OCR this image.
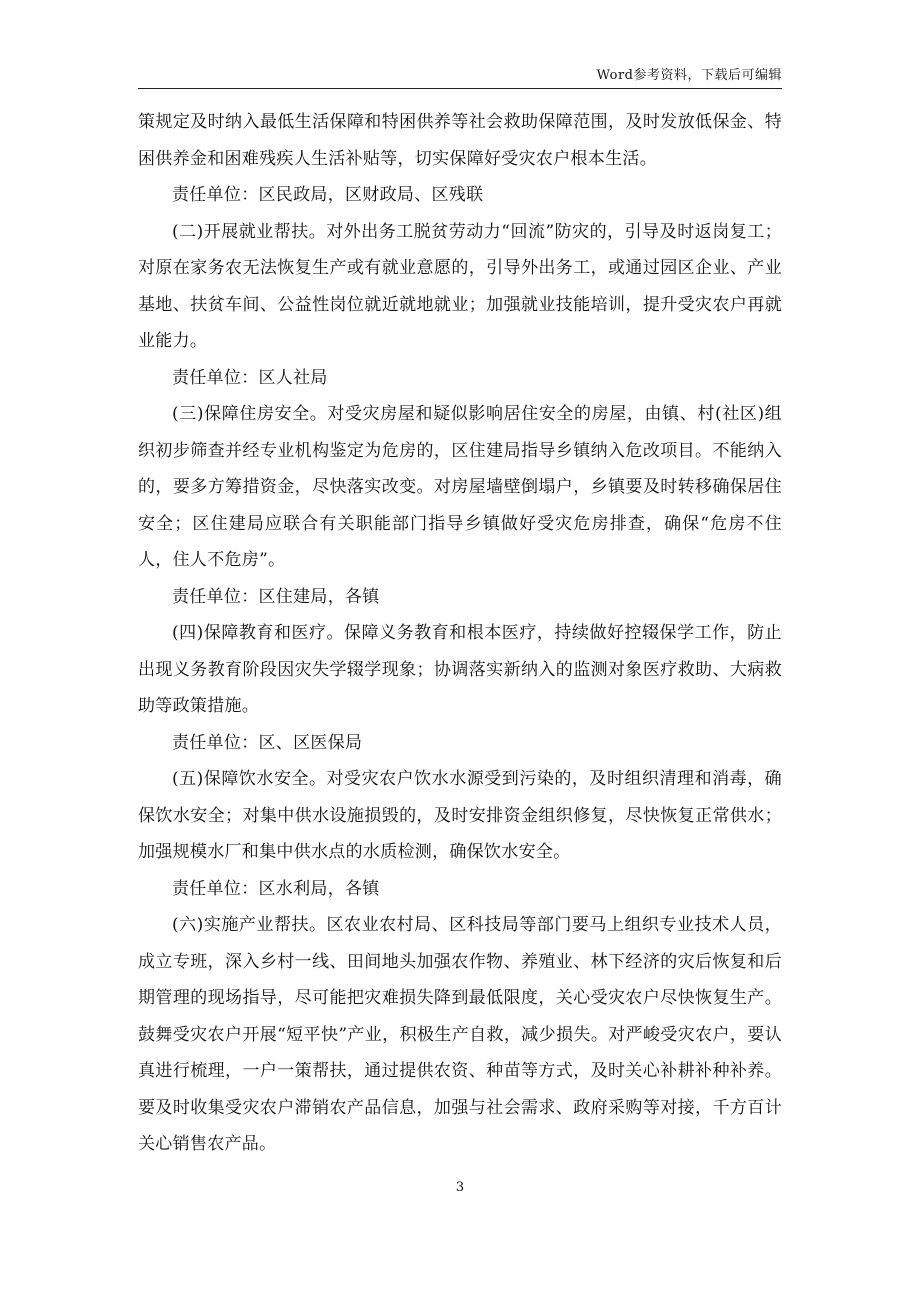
Word参考资料，下载后可编辑

策规定及时纳入最低生活保障和特困供养等社会救助保障范围，及时发放低保金、特困供养金和困难残疾人生活补贴等，切实保障好受灾农户根本生活。

责任单位：区民政局，区财政局、区残联

(二)开展就业帮扶。对外出务工脱贫劳动力“回流”防灾的，引导及时返岗复工；对原在家务农无法恢复生产或有就业意愿的，引导外出务工，或通过园区企业、产业基地、扶贫车间、公益性岗位就近就地就业；加强就业技能培训，提升受灾农户再就业能力。

责任单位：区人社局

(三)保障住房安全。对受灾房屋和疑似影响居住安全的房屋，由镇、村(社区)组织初步筛查并经专业机构鉴定为危房的，区住建局指导乡镇纳入危改项目。不能纳入的，要多方筹措资金，尽快落实改变。对房屋墙壁倒塌户，乡镇要及时转移确保居住安全；区住建局应联合有关职能部门指导乡镇做好受灾危房排查，确保“危房不住人，住人不危房”。

责任单位：区住建局，各镇

(四)保障教育和医疗。保障义务教育和根本医疗，持续做好控辍保学工作，防止出现义务教育阶段因灾失学辍学现象；协调落实新纳入的监测对象医疗救助、大病救助等政策措施。

责任单位：区、区医保局

(五)保障饮水安全。对受灾农户饮水水源受到污染的，及时组织清理和消毒，确保饮水安全；对集中供水设施损毁的，及时安排资金组织修复，尽快恢复正常供水；加强规模水厂和集中供水点的水质检测，确保饮水安全。

责任单位：区水利局，各镇

(六)实施产业帮扶。区农业农村局、区科技局等部门要马上组织专业技术人员，成立专班，深入乡村一线、田间地头加强农作物、养殖业、林下经济的灾后恢复和后期管理的现场指导，尽可能把灾难损失降到最低限度，关心受灾农户尽快恢复生产。鼓舞受灾农户开展“短平快”产业，积极生产自救，减少损失。对严峻受灾农户，要认真进行梳理，一户一策帮扶，通过提供农资、种苗等方式，及时关心补耕补种补养。要及时收集受灾农户滞销农产品信息，加强与社会需求、政府采购等对接，千方百计关心销售农产品。

3
